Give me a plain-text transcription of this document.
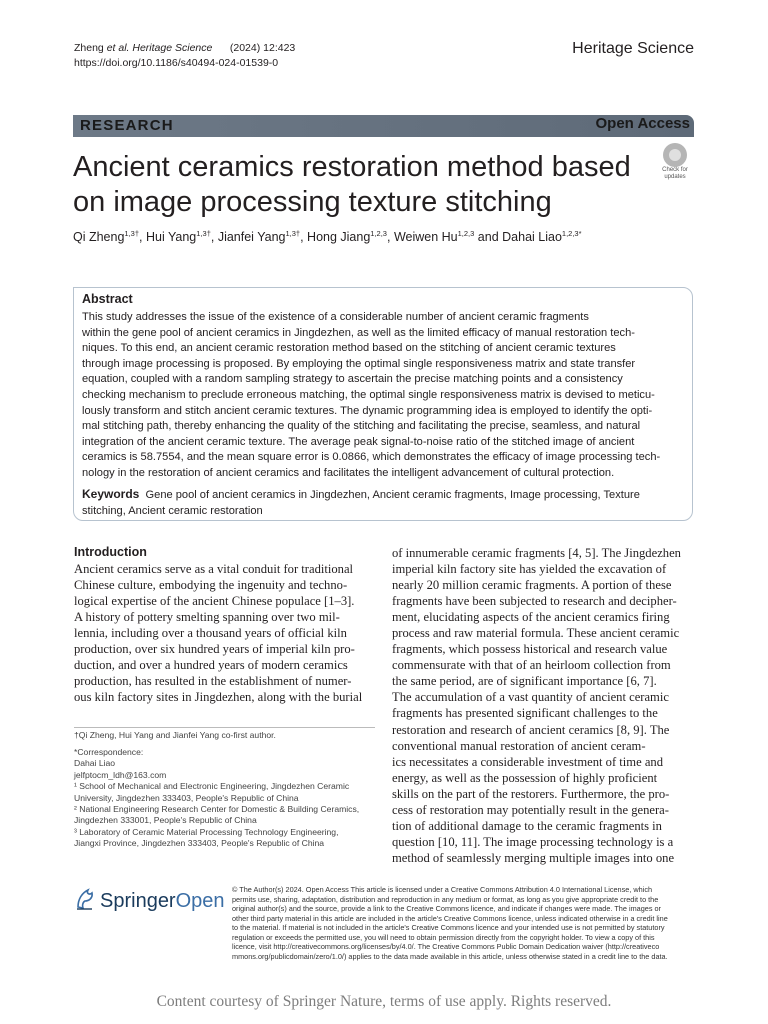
Zheng et al. Heritage Science (2024) 12:423
https://doi.org/10.1186/s40494-024-01539-0
Heritage Science
RESEARCH	Open Access
Ancient ceramics restoration method based
on image processing texture stitching
Check for
updates
Qi Zheng$^{1,3\dagger}$, Hui Yang$^{1,3\dagger}$, Jianfei Yang$^{1,3\dagger}$, Hong Jiang$^{1,2,3}$, Weiwen Hu$^{1,2,3}$ and Dahai Liao$^{1,2,3*}$
Abstract
This study addresses the issue of the existence of a considerable number of ancient ceramic fragments
within the gene pool of ancient ceramics in Jingdezhen, as well as the limited efficacy of manual restoration tech-
niques. To this end, an ancient ceramic restoration method based on the stitching of ancient ceramic textures
through image processing is proposed. By employing the optimal single responsiveness matrix and state transfer
equation, coupled with a random sampling strategy to ascertain the precise matching points and a consistency
checking mechanism to preclude erroneous matching, the optimal single responsiveness matrix is devised to meticu-
lously transform and stitch ancient ceramic textures. The dynamic programming idea is employed to identify the opti-
mal stitching path, thereby enhancing the quality of the stitching and facilitating the precise, seamless, and natural
integration of the ancient ceramic texture. The average peak signal-to-noise ratio of the stitched image of ancient
ceramics is 58.7554, and the mean square error is 0.0866, which demonstrates the efficacy of image processing tech-
nology in the restoration of ancient ceramics and facilitates the intelligent advancement of cultural protection.
Keywords Gene pool of ancient ceramics in Jingdezhen, Ancient ceramic fragments, Image processing, Texture
stitching, Ancient ceramic restoration
Introduction
Ancient ceramics serve as a vital conduit for traditional
Chinese culture, embodying the ingenuity and techno-
logical expertise of the ancient Chinese populace [1–3].
A history of pottery smelting spanning over two mil-
lennia, including over a thousand years of official kiln
production, over six hundred years of imperial kiln pro-
duction, and over a hundred years of modern ceramics
production, has resulted in the establishment of numer-
ous kiln factory sites in Jingdezhen, along with the burial
of innumerable ceramic fragments [4, 5]. The Jingdezhen
imperial kiln factory site has yielded the excavation of
nearly 20 million ceramic fragments. A portion of these
fragments have been subjected to research and decipher-
ment, elucidating aspects of the ancient ceramics firing
process and raw material formula. These ancient ceramic
fragments, which possess historical and research value
commensurate with that of an heirloom collection from
the same period, are of significant importance [6, 7].
The accumulation of a vast quantity of ancient ceramic
fragments has presented significant challenges to the
restoration and research of ancient ceramics [8, 9]. The
conventional manual restoration of ancient ceram-
ics necessitates a considerable investment of time and
energy, as well as the possession of highly proficient
skills on the part of the restorers. Furthermore, the pro-
cess of restoration may potentially result in the genera-
tion of additional damage to the ceramic fragments in
question [10, 11]. The image processing technology is a
method of seamlessly merging multiple images into one
†Qi Zheng, Hui Yang and Jianfei Yang co-first author.
*Correspondence:
Dahai Liao
jelfptocm_ldh@163.com
¹ School of Mechanical and Electronic Engineering, Jingdezhen Ceramic
University, Jingdezhen 333403, People's Republic of China
² National Engineering Research Center for Domestic & Building Ceramics,
Jingdezhen 333001, People's Republic of China
³ Laboratory of Ceramic Material Processing Technology Engineering,
Jiangxi Province, Jingdezhen 333403, People's Republic of China
SpringerOpen
© The Author(s) 2024. Open Access This article is licensed under a Creative Commons Attribution 4.0 International License, which
permits use, sharing, adaptation, distribution and reproduction in any medium or format, as long as you give appropriate credit to the
original author(s) and the source, provide a link to the Creative Commons licence, and indicate if changes were made. The images or
other third party material in this article are included in the article's Creative Commons licence, unless indicated otherwise in a credit line
to the material. If material is not included in the article's Creative Commons licence and your intended use is not permitted by statutory
regulation or exceeds the permitted use, you will need to obtain permission directly from the copyright holder. To view a copy of this
licence, visit http://creativecommons.org/licenses/by/4.0/. The Creative Commons Public Domain Dedication waiver (http://creativeco
mmons.org/publicdomain/zero/1.0/) applies to the data made available in this article, unless otherwise stated in a credit line to the data.
Content courtesy of Springer Nature, terms of use apply. Rights reserved.
